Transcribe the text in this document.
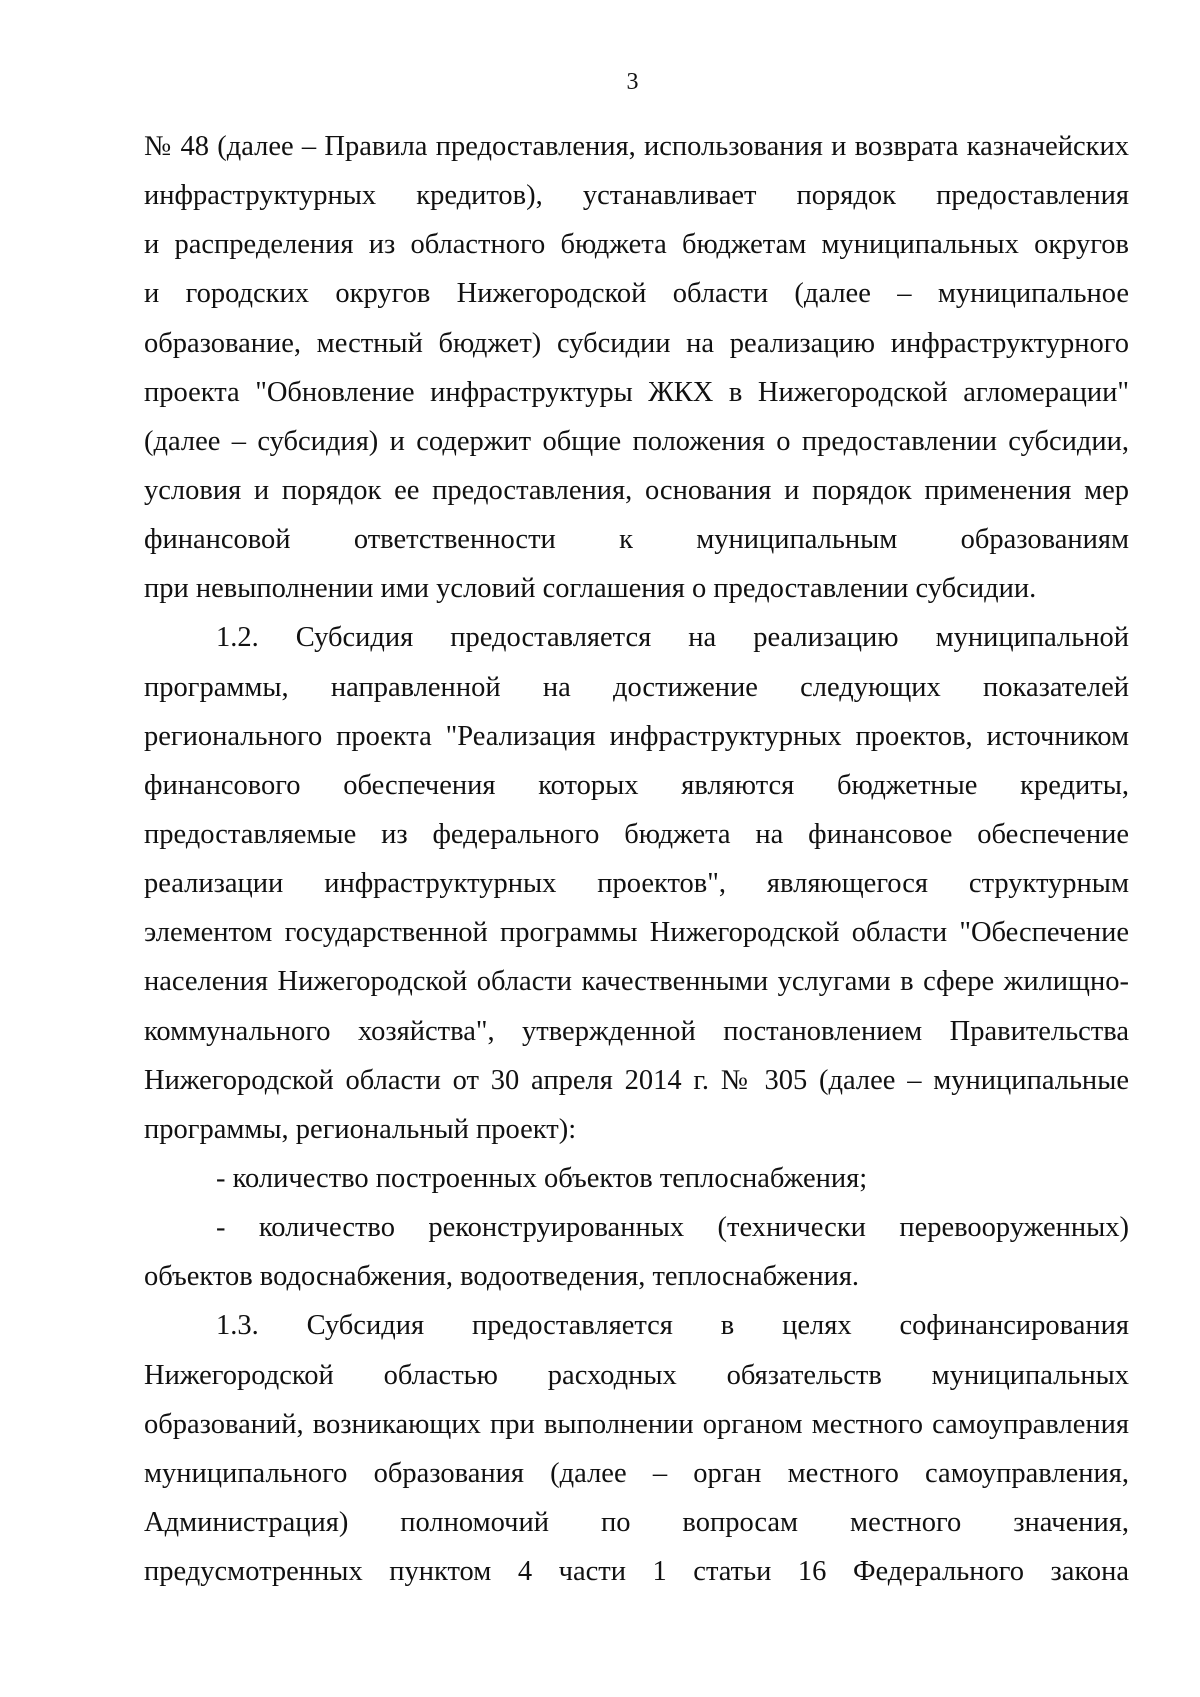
3
№ 48 (далее – Правила предоставления, использования и возврата казначейских
инфраструктурных кредитов), устанавливает порядок предоставления
и распределения из областного бюджета бюджетам муниципальных округов
и городских округов Нижегородской области (далее – муниципальное
образование, местный бюджет) субсидии на реализацию инфраструктурного
проекта "Обновление инфраструктуры ЖКХ в Нижегородской агломерации"
(далее – субсидия) и содержит общие положения о предоставлении субсидии,
условия и порядок ее предоставления, основания и порядок применения мер
финансовой ответственности к муниципальным образованиям
при невыполнении ими условий соглашения о предоставлении субсидии.
1.2. Субсидия предоставляется на реализацию муниципальной
программы, направленной на достижение следующих показателей
регионального проекта "Реализация инфраструктурных проектов, источником
финансового обеспечения которых являются бюджетные кредиты,
предоставляемые из федерального бюджета на финансовое обеспечение
реализации инфраструктурных проектов", являющегося структурным
элементом государственной программы Нижегородской области "Обеспечение
населения Нижегородской области качественными услугами в сфере жилищно-
коммунального хозяйства", утвержденной постановлением Правительства
Нижегородской области от 30 апреля 2014 г. № 305 (далее – муниципальные
программы, региональный проект):
- количество построенных объектов теплоснабжения;
- количество реконструированных (технически перевооруженных)
объектов водоснабжения, водоотведения, теплоснабжения.
1.3. Субсидия предоставляется в целях софинансирования
Нижегородской областью расходных обязательств муниципальных
образований, возникающих при выполнении органом местного самоуправления
муниципального образования (далее – орган местного самоуправления,
Администрация) полномочий по вопросам местного значения,
предусмотренных пунктом 4 части 1 статьи 16 Федерального закона
